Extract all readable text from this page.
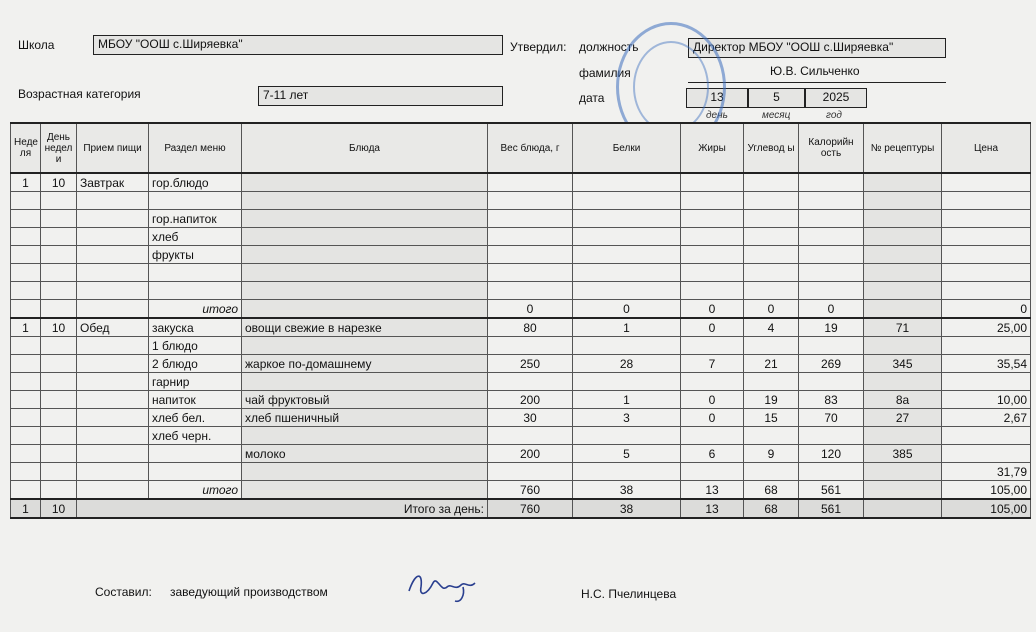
Школа	МБОУ "ООШ с.Ширяевка"	Утвердил: должность	Директор МБОУ "ООШ с.Ширяевка"
фамилия	Ю.В. Сильченко
Возрастная категория	7-11 лет	дата	13	5	2025
день	месяц	год
Неде ля	День недел и	Прием пищи	Раздел меню	Блюда	Вес блюда, г	Белки	Жиры	Углевод ы	Калорийн ость	№ рецептуры	Цена
1	10	Завтрак	гор.блюдо								

			гор.напиток								
			хлеб								
			фрукты								

			итого		0	0	0	0	0		0
1	10	Обед	закуска	овощи свежие в нарезке	80	1	0	4	19	71	25,00
			1 блюдо								
			2 блюдо	жаркое по-домашнему	250	28	7	21	269	345	35,54
			гарнир								
			напиток	чай фруктовый	200	1	0	19	83	8а	10,00
			хлеб бел.	хлеб пшеничный	30	3	0	15	70	27	2,67
			хлеб черн.								
				молоко	200	5	6	9	120	385	
											31,79
			итого		760	38	13	68	561		105,00
1	10	Итого за день:			760	38	13	68	561		105,00
Составил: заведующий производством	Н.С. Пчелинцева
